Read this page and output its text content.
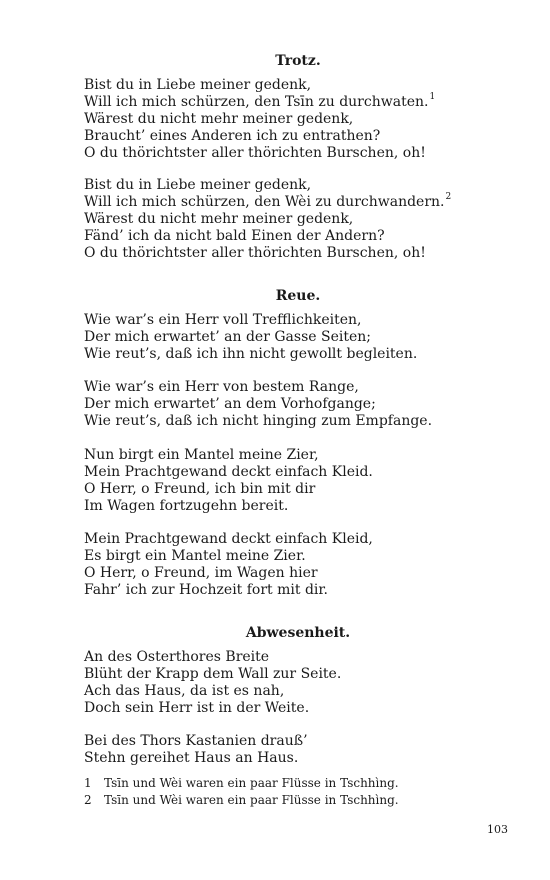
Trotz.
Bist du in Liebe meiner gedenk,
Will ich mich schürzen, den Tsīn zu durchwaten.$^1$
Wärest du nicht mehr meiner gedenk,
Braucht’ eines Anderen ich zu entrathen?
O du thörichtster aller thörichten Burschen, oh!
Bist du in Liebe meiner gedenk,
Will ich mich schürzen, den Wèi zu durchwandern.$^2$
Wärest du nicht mehr meiner gedenk,
Fänd’ ich da nicht bald Einen der Andern?
O du thörichtster aller thörichten Burschen, oh!
Reue.
Wie war’s ein Herr voll Trefflichkeiten,
Der mich erwartet’ an der Gasse Seiten;
Wie reut’s, daß ich ihn nicht gewollt begleiten.
Wie war’s ein Herr von bestem Range,
Der mich erwartet’ an dem Vorhofgange;
Wie reut’s, daß ich nicht hinging zum Empfange.
Nun birgt ein Mantel meine Zier,
Mein Prachtgewand deckt einfach Kleid.
O Herr, o Freund, ich bin mit dir
Im Wagen fortzugehn bereit.
Mein Prachtgewand deckt einfach Kleid,
Es birgt ein Mantel meine Zier.
O Herr, o Freund, im Wagen hier
Fahr’ ich zur Hochzeit fort mit dir.
Abwesenheit.
An des Osterthores Breite
Blüht der Krapp dem Wall zur Seite.
Ach das Haus, da ist es nah,
Doch sein Herr ist in der Weite.
Bei des Thors Kastanien drauß’
Stehn gereihet Haus an Haus.
1	Tsīn und Wèi waren ein paar Flüsse in Tschhìng.
2	Tsīn und Wèi waren ein paar Flüsse in Tschhìng.
103
